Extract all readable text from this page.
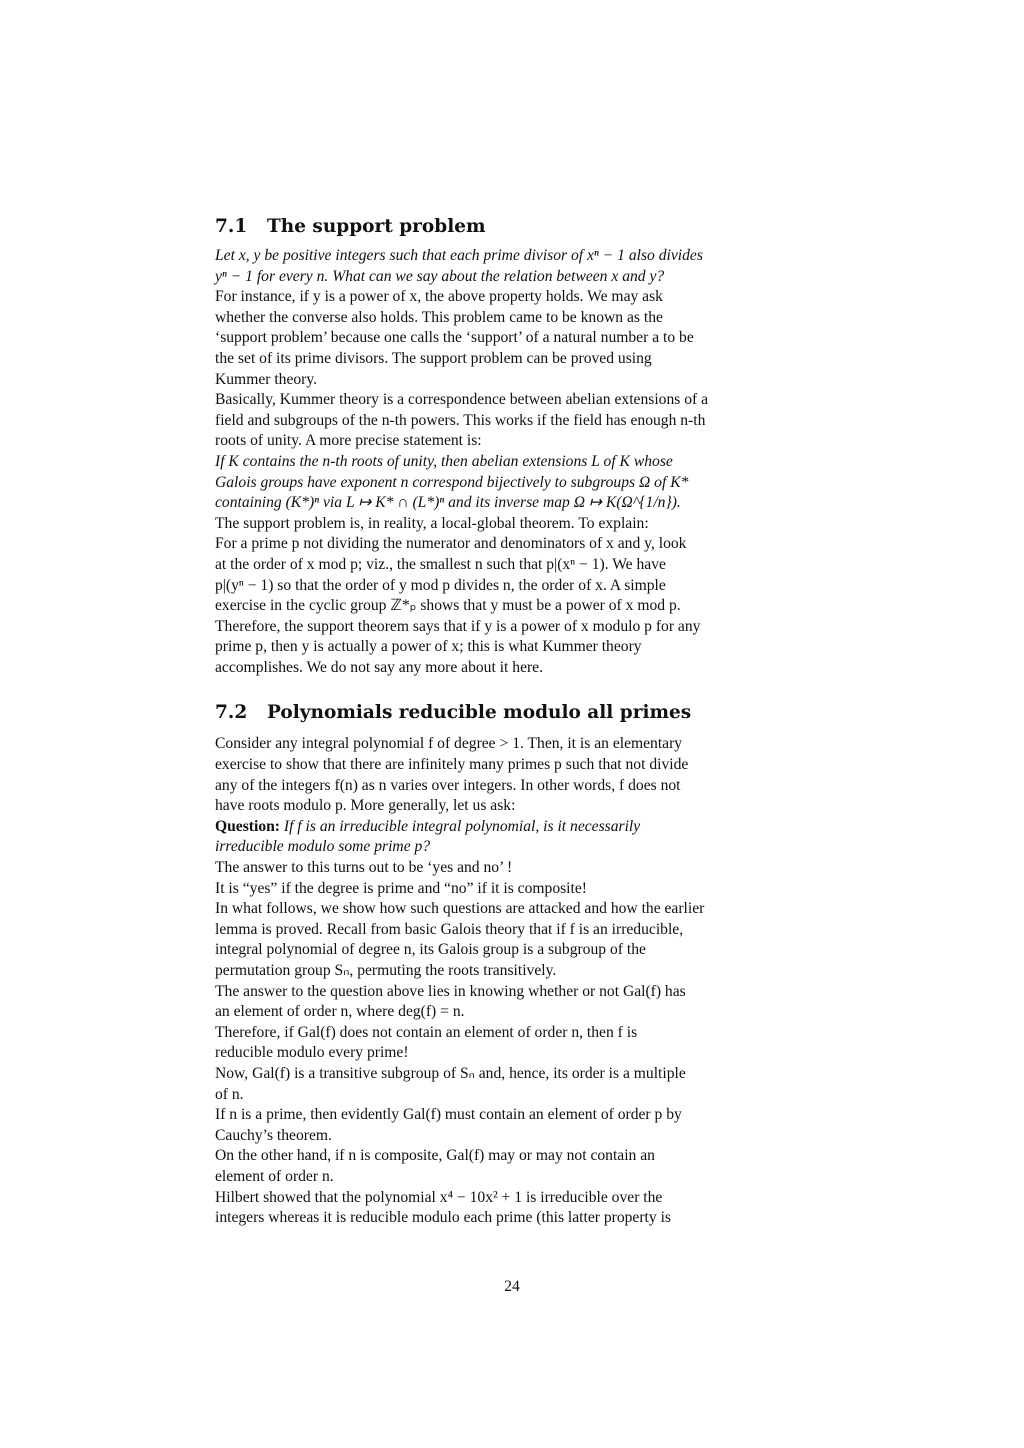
7.1 The support problem

Let x, y be positive integers such that each prime divisor of xⁿ − 1 also divides

yⁿ − 1 for every n. What can we say about the relation between x and y?

For instance, if y is a power of x, the above property holds. We may ask

whether the converse also holds. This problem came to be known as the

‘support problem’ because one calls the ‘support’ of a natural number a to be

the set of its prime divisors. The support problem can be proved using

Kummer theory.

Basically, Kummer theory is a correspondence between abelian extensions of a

field and subgroups of the n-th powers. This works if the field has enough n-th

roots of unity. A more precise statement is:

If K contains the n-th roots of unity, then abelian extensions L of K whose

Galois groups have exponent n correspond bijectively to subgroups Ω of K*

containing (K*)ⁿ via L ↦ K* ∩ (L*)ⁿ and its inverse map Ω ↦ K(Ω^{1/n}).

The support problem is, in reality, a local-global theorem. To explain:

For a prime p not dividing the numerator and denominators of x and y, look

at the order of x mod p; viz., the smallest n such that p|(xⁿ − 1). We have

p|(yⁿ − 1) so that the order of y mod p divides n, the order of x. A simple

exercise in the cyclic group ℤ*ₚ shows that y must be a power of x mod p.

Therefore, the support theorem says that if y is a power of x modulo p for any

prime p, then y is actually a power of x; this is what Kummer theory

accomplishes. We do not say any more about it here.

7.2 Polynomials reducible modulo all primes

Consider any integral polynomial f of degree > 1. Then, it is an elementary

exercise to show that there are infinitely many primes p such that not divide

any of the integers f(n) as n varies over integers. In other words, f does not

have roots modulo p. More generally, let us ask:

Question: If f is an irreducible integral polynomial, is it necessarily

irreducible modulo some prime p?

The answer to this turns out to be ‘yes and no’ !

It is “yes” if the degree is prime and “no” if it is composite!

In what follows, we show how such questions are attacked and how the earlier

lemma is proved. Recall from basic Galois theory that if f is an irreducible,

integral polynomial of degree n, its Galois group is a subgroup of the

permutation group Sₙ, permuting the roots transitively.

The answer to the question above lies in knowing whether or not Gal(f) has

an element of order n, where deg(f) = n.

Therefore, if Gal(f) does not contain an element of order n, then f is

reducible modulo every prime!

Now, Gal(f) is a transitive subgroup of Sₙ and, hence, its order is a multiple

of n.

If n is a prime, then evidently Gal(f) must contain an element of order p by

Cauchy’s theorem.

On the other hand, if n is composite, Gal(f) may or may not contain an

element of order n.

Hilbert showed that the polynomial x⁴ − 10x² + 1 is irreducible over the

integers whereas it is reducible modulo each prime (this latter property is

24
